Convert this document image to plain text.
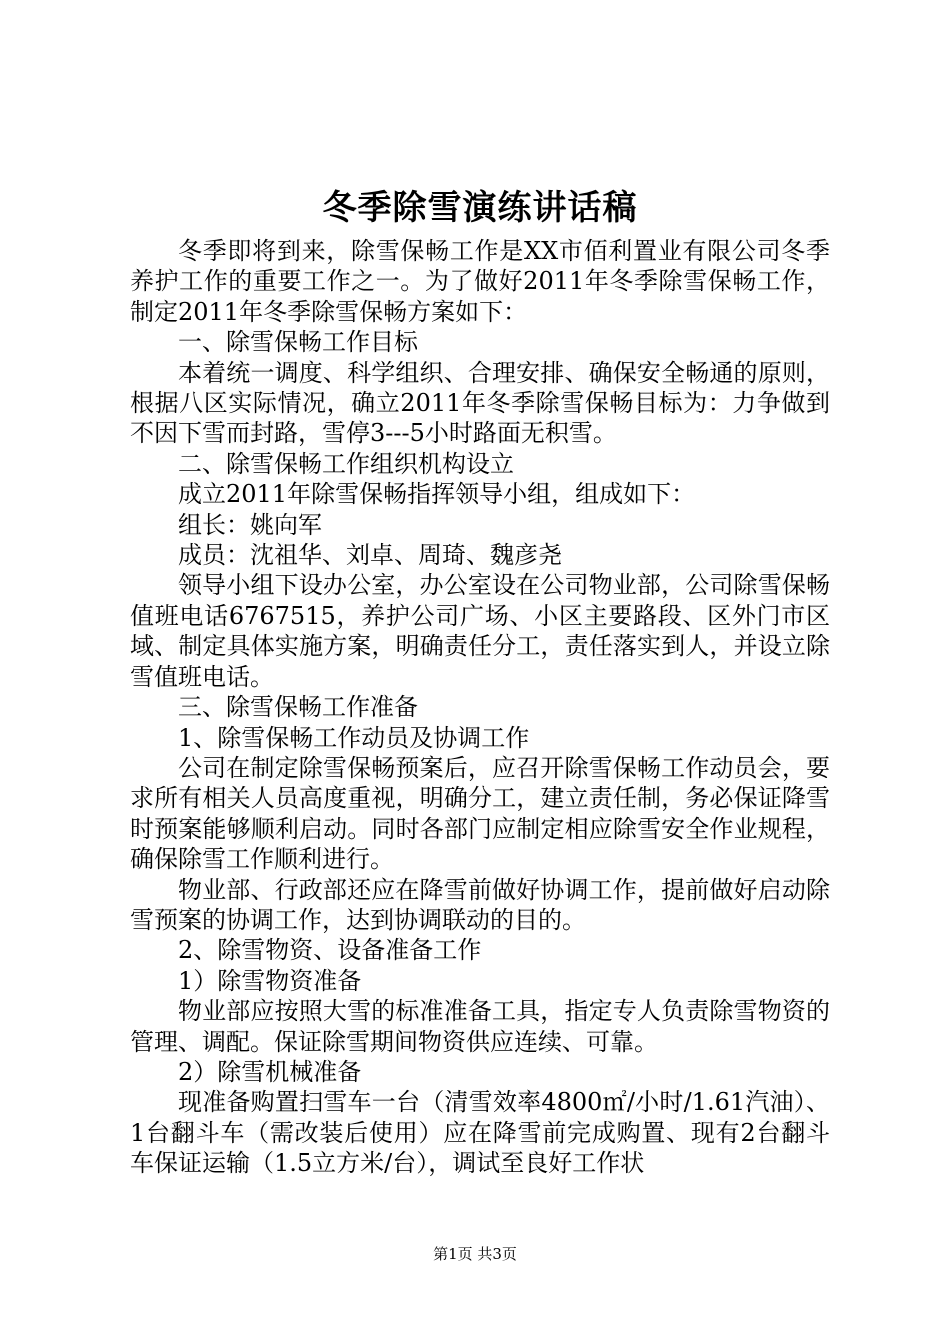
冬季除雪演练讲话稿

冬季即将到来，除雪保畅工作是XX市佰利置业有限公司冬季养护工作的重要工作之一。为了做好2011年冬季除雪保畅工作，制定2011年冬季除雪保畅方案如下：

一、除雪保畅工作目标

本着统一调度、科学组织、合理安排、确保安全畅通的原则，根据八区实际情况，确立2011年冬季除雪保畅目标为：力争做到不因下雪而封路，雪停3---5小时路面无积雪。

二、除雪保畅工作组织机构设立

成立2011年除雪保畅指挥领导小组，组成如下：

组长：姚向军

成员：沈祖华、刘卓、周琦、魏彦尧

领导小组下设办公室，办公室设在公司物业部，公司除雪保畅值班电话6767515，养护公司广场、小区主要路段、区外门市区域、制定具体实施方案，明确责任分工，责任落实到人，并设立除雪值班电话。

三、除雪保畅工作准备

1、除雪保畅工作动员及协调工作

公司在制定除雪保畅预案后，应召开除雪保畅工作动员会，要求所有相关人员高度重视，明确分工，建立责任制，务必保证降雪时预案能够顺利启动。同时各部门应制定相应除雪安全作业规程，确保除雪工作顺利进行。

物业部、行政部还应在降雪前做好协调工作，提前做好启动除雪预案的协调工作，达到协调联动的目的。

2、除雪物资、设备准备工作

1）除雪物资准备

物业部应按照大雪的标准准备工具，指定专人负责除雪物资的管理、调配。保证除雪期间物资供应连续、可靠。

2）除雪机械准备

现准备购置扫雪车一台（清雪效率4800㎡/小时/1.61汽油）、1台翻斗车（需改装后使用）应在降雪前完成购置、现有2台翻斗车保证运输（1.5立方米/台），调试至良好工作状

第1页 共3页
